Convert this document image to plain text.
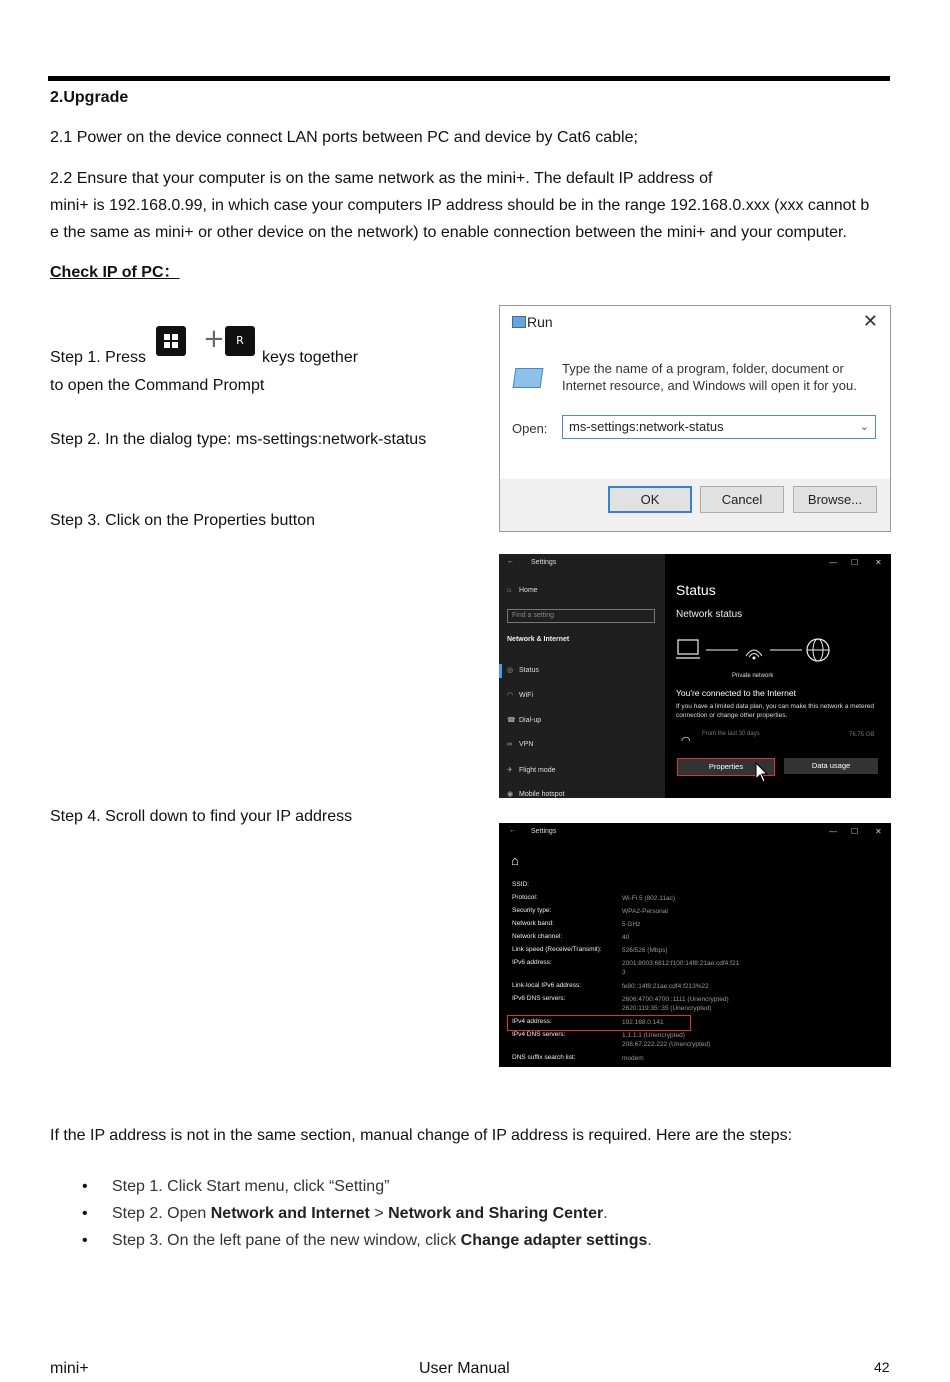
2.Upgrade
2.1 Power on the device connect LAN ports between PC and device by Cat6 cable;
2.2 Ensure that your computer is on the same network as the mini+. The default IP address of
mini+ is 192.168.0.99, in which case your computers IP address should be in the range 192.168.0.xxx (xxx cannot b
e the same as mini+ or other device on the network) to enable connection between the mini+ and your computer.
Check IP of PC：
Step 1. Press
+	R
keys together
to open the Command Prompt
Step 2. In the dialog type: ms-settings:network-status
Step 3. Click on the Properties button
Step 4. Scroll down to find your IP address
Run	✕
Type the name of a program, folder, document or Internet resource, and Windows will open it for you.
Open:	ms-settings:network-status	⌄
OK	Cancel	Browse...
← Settings
⌂ Home
Find a setting
Network & Internet
◎ Status
◠ WiFi
☎ Dial-up
∞ VPN
✈ Flight mode
◉ Mobile hotspot
— ☐ ✕
Status
Network status
Private network
You're connected to the Internet
If you have a limited data plan, you can make this network a metered connection or change other properties.
◠
From the last 30 days	76.75 GB
Properties	Data usage
← Settings	— ☐ ✕
⌂
SSID:
Protocol:	Wi-Fi 5 (802.11ac)
Security type:	WPA2-Personal
Network band:	5 GHz
Network channel:	40
Link speed (Receive/Transmit):	526/526 (Mbps)
IPv6 address:	2001:8003:6812:f100:14f8:21ae:cdf4:f21
3
Link-local IPv6 address:	fe80::14f8:21ae:cdf4:f213%22
IPv6 DNS servers:	2606:4700:4700::1111 (Unencrypted)
2620:119:35::35 (Unencrypted)
IPv4 address:	192.168.0.141
IPv4 DNS servers:	1.1.1.1 (Unencrypted)
208.67.222.222 (Unencrypted)
DNS suffix search list:	modem
If the IP address is not in the same section, manual change of IP address is required. Here are the steps:
• Step 1. Click Start menu, click “Setting”
• Step 2. Open Network and Internet > Network and Sharing Center.
• Step 3. On the left pane of the new window, click Change adapter settings.
mini+	User Manual	42
